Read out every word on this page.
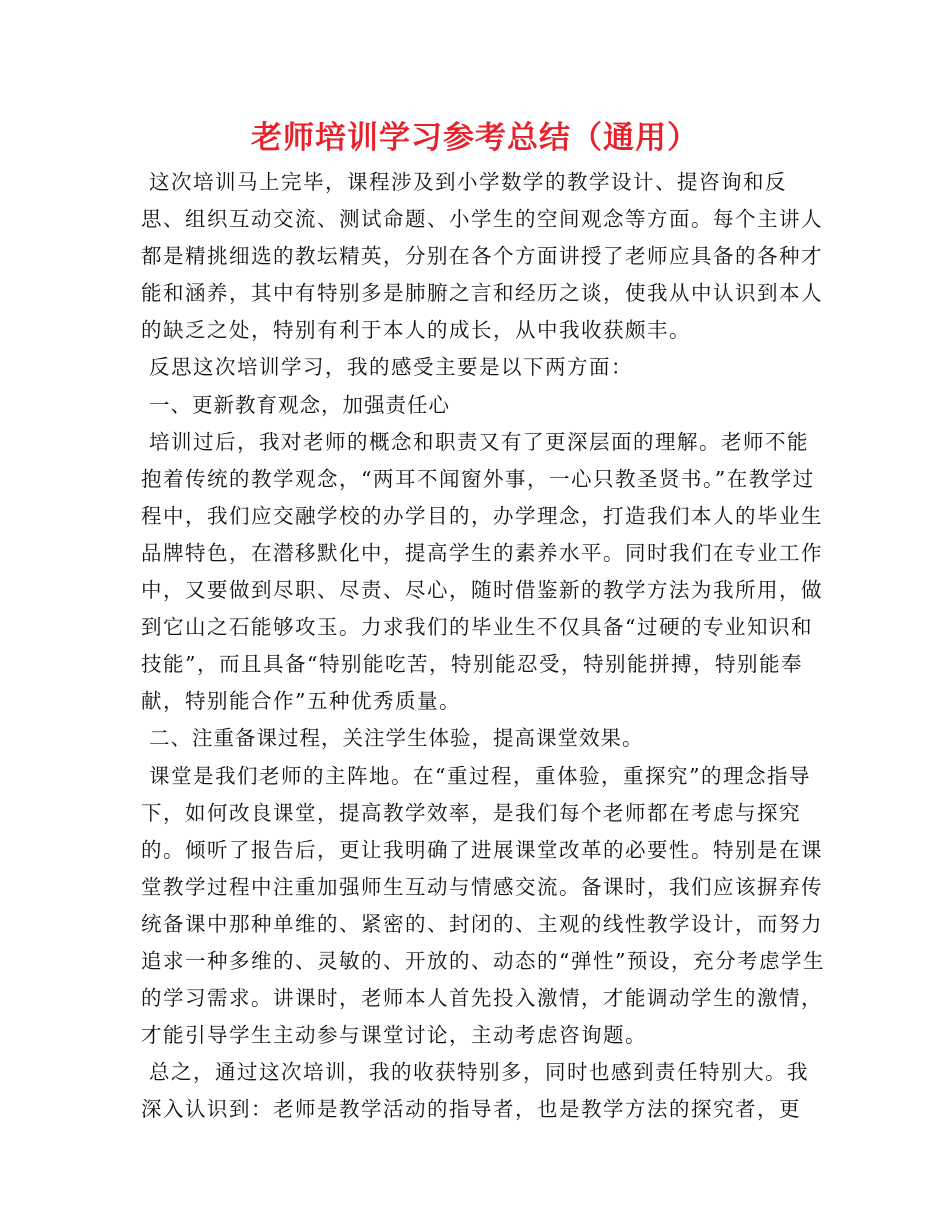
老师培训学习参考总结（通用）

这次培训马上完毕，课程涉及到小学数学的教学设计、提咨询和反思、组织互动交流、测试命题、小学生的空间观念等方面。每个主讲人都是精挑细选的教坛精英，分别在各个方面讲授了老师应具备的各种才能和涵养，其中有特别多是肺腑之言和经历之谈，使我从中认识到本人的缺乏之处，特别有利于本人的成长，从中我收获颇丰。

反思这次培训学习，我的感受主要是以下两方面：

一、更新教育观念，加强责任心

培训过后，我对老师的概念和职责又有了更深层面的理解。老师不能抱着传统的教学观念，“两耳不闻窗外事，一心只教圣贤书。”在教学过程中，我们应交融学校的办学目的，办学理念，打造我们本人的毕业生品牌特色，在潜移默化中，提高学生的素养水平。同时我们在专业工作中，又要做到尽职、尽责、尽心，随时借鉴新的教学方法为我所用，做到它山之石能够攻玉。力求我们的毕业生不仅具备“过硬的专业知识和技能”，而且具备“特别能吃苦，特别能忍受，特别能拼搏，特别能奉献，特别能合作”五种优秀质量。

二、注重备课过程，关注学生体验，提高课堂效果。

课堂是我们老师的主阵地。在“重过程，重体验，重探究”的理念指导下，如何改良课堂，提高教学效率，是我们每个老师都在考虑与探究的。倾听了报告后，更让我明确了进展课堂改革的必要性。特别是在课堂教学过程中注重加强师生互动与情感交流。备课时，我们应该摒弃传统备课中那种单维的、紧密的、封闭的、主观的线性教学设计，而努力追求一种多维的、灵敏的、开放的、动态的“弹性”预设，充分考虑学生的学习需求。讲课时，老师本人首先投入激情，才能调动学生的激情，才能引导学生主动参与课堂讨论，主动考虑咨询题。

总之，通过这次培训，我的收获特别多，同时也感到责任特别大。我深入认识到：老师是教学活动的指导者，也是教学方法的探究者，更
